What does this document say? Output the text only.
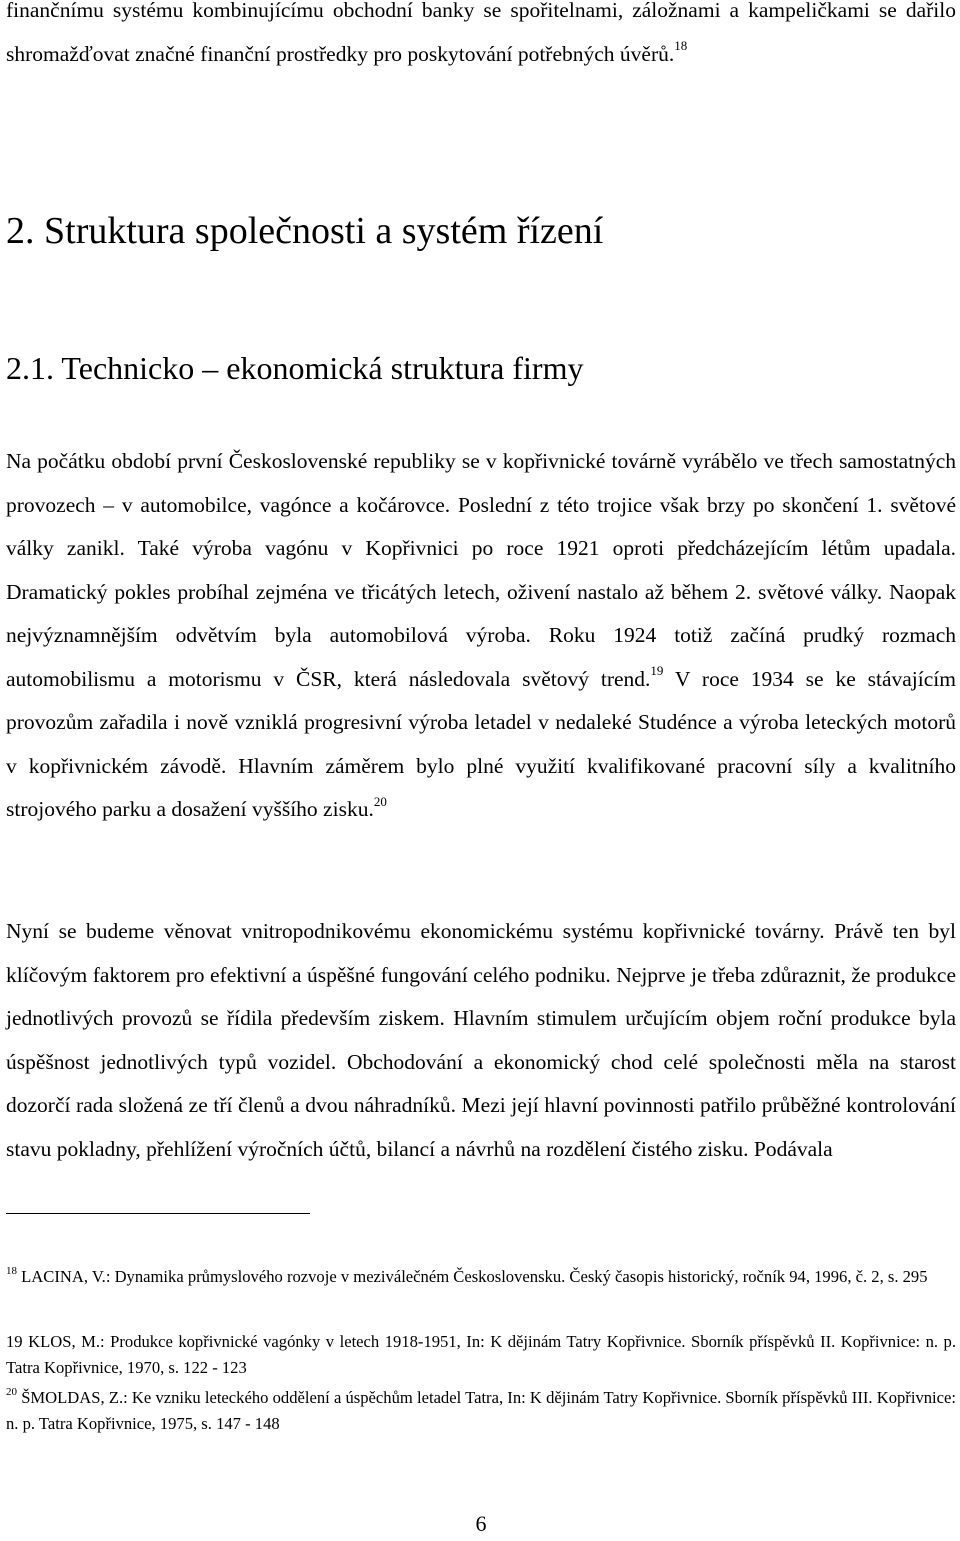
finančnímu systému kombinujícímu obchodní banky se spořitelnami, záložnami a kampeličkami se dařilo shromažďovat značné finanční prostředky pro poskytování potřebných úvěrů.$^{18}$

2. Struktura společnosti a systém řízení
2.1. Technicko – ekonomická struktura firmy

Na počátku období první Československé republiky se v kopřivnické továrně vyrábělo ve třech samostatných provozech – v automobilce, vagónce a kočárovce. Poslední z této trojice však brzy po skončení 1. světové války zanikl. Také výroba vagónu v Kopřivnici po roce 1921 oproti předcházejícím létům upadala. Dramatický pokles probíhal zejména ve třicátých letech, oživení nastalo až během 2. světové války. Naopak nejvýznamnějším odvětvím byla automobilová výroba. Roku 1924 totiž začíná prudký rozmach automobilismu a motorismu v ČSR, která následovala světový trend.$^{19}$ V roce 1934 se ke stávajícím provozům zařadila i nově vzniklá progresivní výroba letadel v nedaleké Studénce a výroba leteckých motorů v kopřivnickém závodě. Hlavním záměrem bylo plné využití kvalifikované pracovní síly a kvalitního strojového parku a dosažení vyššího zisku.$^{20}$

Nyní se budeme věnovat vnitropodnikovému ekonomickému systému kopřivnické továrny. Právě ten byl klíčovým faktorem pro efektivní a úspěšné fungování celého podniku. Nejprve je třeba zdůraznit, že produkce jednotlivých provozů se řídila především ziskem. Hlavním stimulem určujícím objem roční produkce byla úspěšnost jednotlivých typů vozidel. Obchodování a ekonomický chod celé společnosti měla na starost dozorčí rada složená ze tří členů a dvou náhradníků. Mezi její hlavní povinnosti patřilo průběžné kontrolování stavu pokladny, přehlížení výročních účtů, bilancí a návrhů na rozdělení čistého zisku. Podávala

$^{18}$ LACINA, V.: Dynamika průmyslového rozvoje v meziválečném Československu. Český časopis historický, ročník 94, 1996, č. 2, s. 295

19 KLOS, M.: Produkce kopřivnické vagónky v letech 1918-1951, In: K dějinám Tatry Kopřivnice. Sborník příspěvků II. Kopřivnice: n. p. Tatra Kopřivnice, 1970, s. 122 - 123

$^{20}$ ŠMOLDAS, Z.: Ke vzniku leteckého oddělení a úspěchům letadel Tatra, In: K dějinám Tatry Kopřivnice. Sborník příspěvků III. Kopřivnice: n. p. Tatra Kopřivnice, 1975, s. 147 - 148

6
